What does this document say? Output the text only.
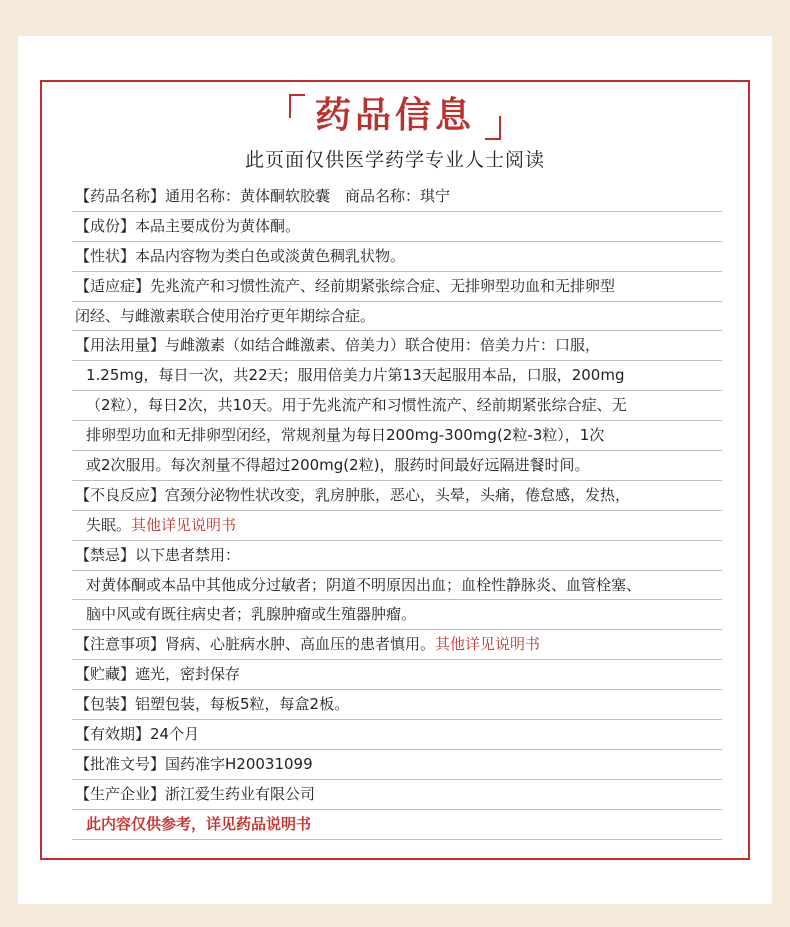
药品信息
此页面仅供医学药学专业人士阅读
【药品名称】通用名称：黄体酮软胶囊　商品名称：琪宁
【成份】本品主要成份为黄体酮。
【性状】本品内容物为类白色或淡黄色稠乳状物。
【适应症】先兆流产和习惯性流产、经前期紧张综合症、无排卵型功血和无排卵型
闭经、与雌激素联合使用治疗更年期综合症。
【用法用量】与雌激素（如结合雌激素、倍美力）联合使用：倍美力片：口服，
1.25mg，每日一次，共22天；服用倍美力片第13天起服用本品，口服，200mg
（2粒），每日2次，共10天。用于先兆流产和习惯性流产、经前期紧张综合症、无
排卵型功血和无排卵型闭经，常规剂量为每日200mg-300mg(2粒-3粒），1次
或2次服用。每次剂量不得超过200mg(2粒)，服药时间最好远隔进餐时间。
【不良反应】宫颈分泌物性状改变，乳房肿胀，恶心，头晕，头痛，倦怠感，发热，
失眠。其他详见说明书
【禁忌】以下患者禁用：
对黄体酮或本品中其他成分过敏者；阴道不明原因出血；血栓性静脉炎、血管栓塞、
脑中风或有既往病史者；乳腺肿瘤或生殖器肿瘤。
【注意事项】肾病、心脏病水肿、高血压的患者慎用。其他详见说明书
【贮藏】遮光，密封保存
【包装】铝塑包装，每板5粒，每盒2板。
【有效期】24个月
【批准文号】国药准字H20031099
【生产企业】浙江爱生药业有限公司
此内容仅供参考，详见药品说明书
